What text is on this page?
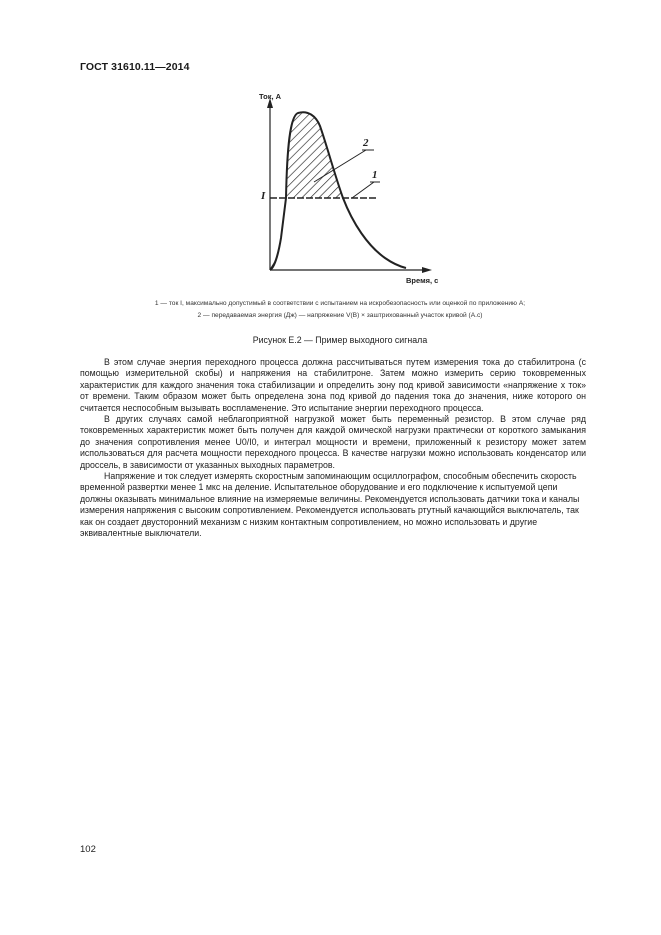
ГОСТ 31610.11—2014
Ток, А
Время, с
I
2
1
1 — ток I, максимально допустимый в соответствии с испытанием на искробезопасность или оценкой по приложению А;
2 — передаваемая энергия (Дж) — напряжение V(В) × заштрихованный участок кривой (А.с)
Рисунок Е.2 — Пример выходного сигнала

В этом случае энергия переходного процесса должна рассчитываться путем измерения тока до стабилитрона (с помощью измерительной скобы) и напряжения на стабилитроне. Затем можно измерить серию токовременных характеристик для каждого значения тока стабилизации и определить зону под кривой зависимости «напряжение х ток» от времени. Таким образом может быть определена зона под кривой до падения тока до значения, ниже которого он считается неспособным вызывать воспламенение. Это испытание энергии переходного процесса.

В других случаях самой неблагоприятной нагрузкой может быть переменный резистор. В этом случае ряд токовременных характеристик может быть получен для каждой омической нагрузки практически от короткого замыкания до значения сопротивления менее U0/I0, и интеграл мощности и времени, приложенный к резистору может затем использоваться для расчета мощности переходного процесса. В качестве нагрузки можно использовать конденсатор или дроссель, в зависимости от указанных выходных параметров.

Напряжение и ток следует измерять скоростным запоминающим осциллографом, способным обеспечить скорость временной развертки менее 1 мкс на деление. Испытательное оборудование и его подключение к испытуемой цепи должны оказывать минимальное влияние на измеряемые величины. Рекомендуется использовать датчики тока и каналы измерения напряжения с высоким сопротивлением. Рекомендуется использовать ртутный качающийся выключатель, так как он создает двусторонний механизм с низким контактным сопротивлением, но можно использовать и другие эквивалентные выключатели.

102
